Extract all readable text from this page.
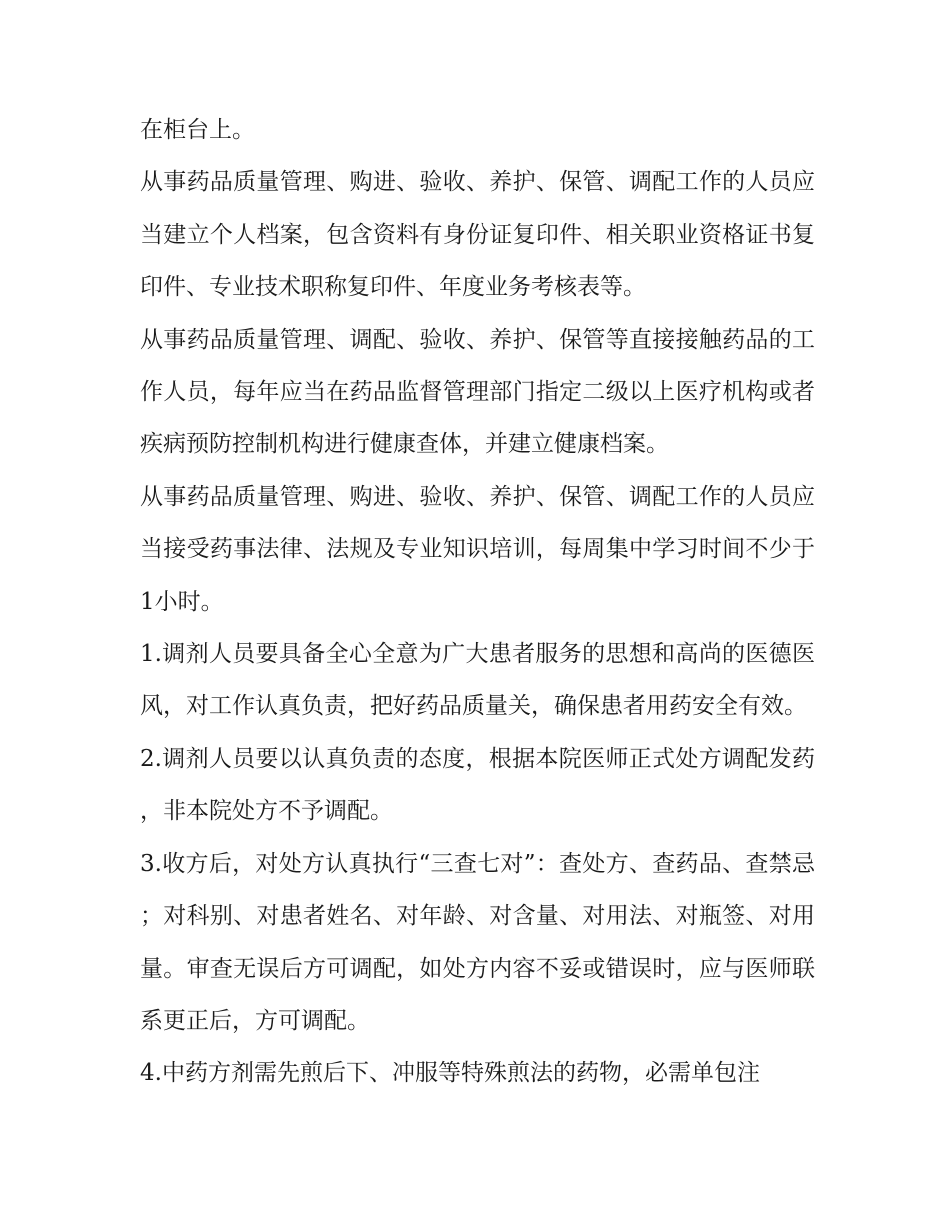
在柜台上。

从事药品质量管理、购进、验收、养护、保管、调配工作的人员应当建立个人档案，包含资料有身份证复印件、相关职业资格证书复印件、专业技术职称复印件、年度业务考核表等。

从事药品质量管理、调配、验收、养护、保管等直接接触药品的工作人员，每年应当在药品监督管理部门指定二级以上医疗机构或者疾病预防控制机构进行健康查体，并建立健康档案。

从事药品质量管理、购进、验收、养护、保管、调配工作的人员应当接受药事法律、法规及专业知识培训，每周集中学习时间不少于1小时。

1.调剂人员要具备全心全意为广大患者服务的思想和高尚的医德医风，对工作认真负责，把好药品质量关，确保患者用药安全有效。

2.调剂人员要以认真负责的态度，根据本院医师正式处方调配发药，非本院处方不予调配。

3.收方后，对处方认真执行“三查七对”：查处方、查药品、查禁忌；对科别、对患者姓名、对年龄、对含量、对用法、对瓶签、对用量。审查无误后方可调配，如处方内容不妥或错误时，应与医师联系更正后，方可调配。

4.中药方剂需先煎后下、冲服等特殊煎法的药物，必需单包注
